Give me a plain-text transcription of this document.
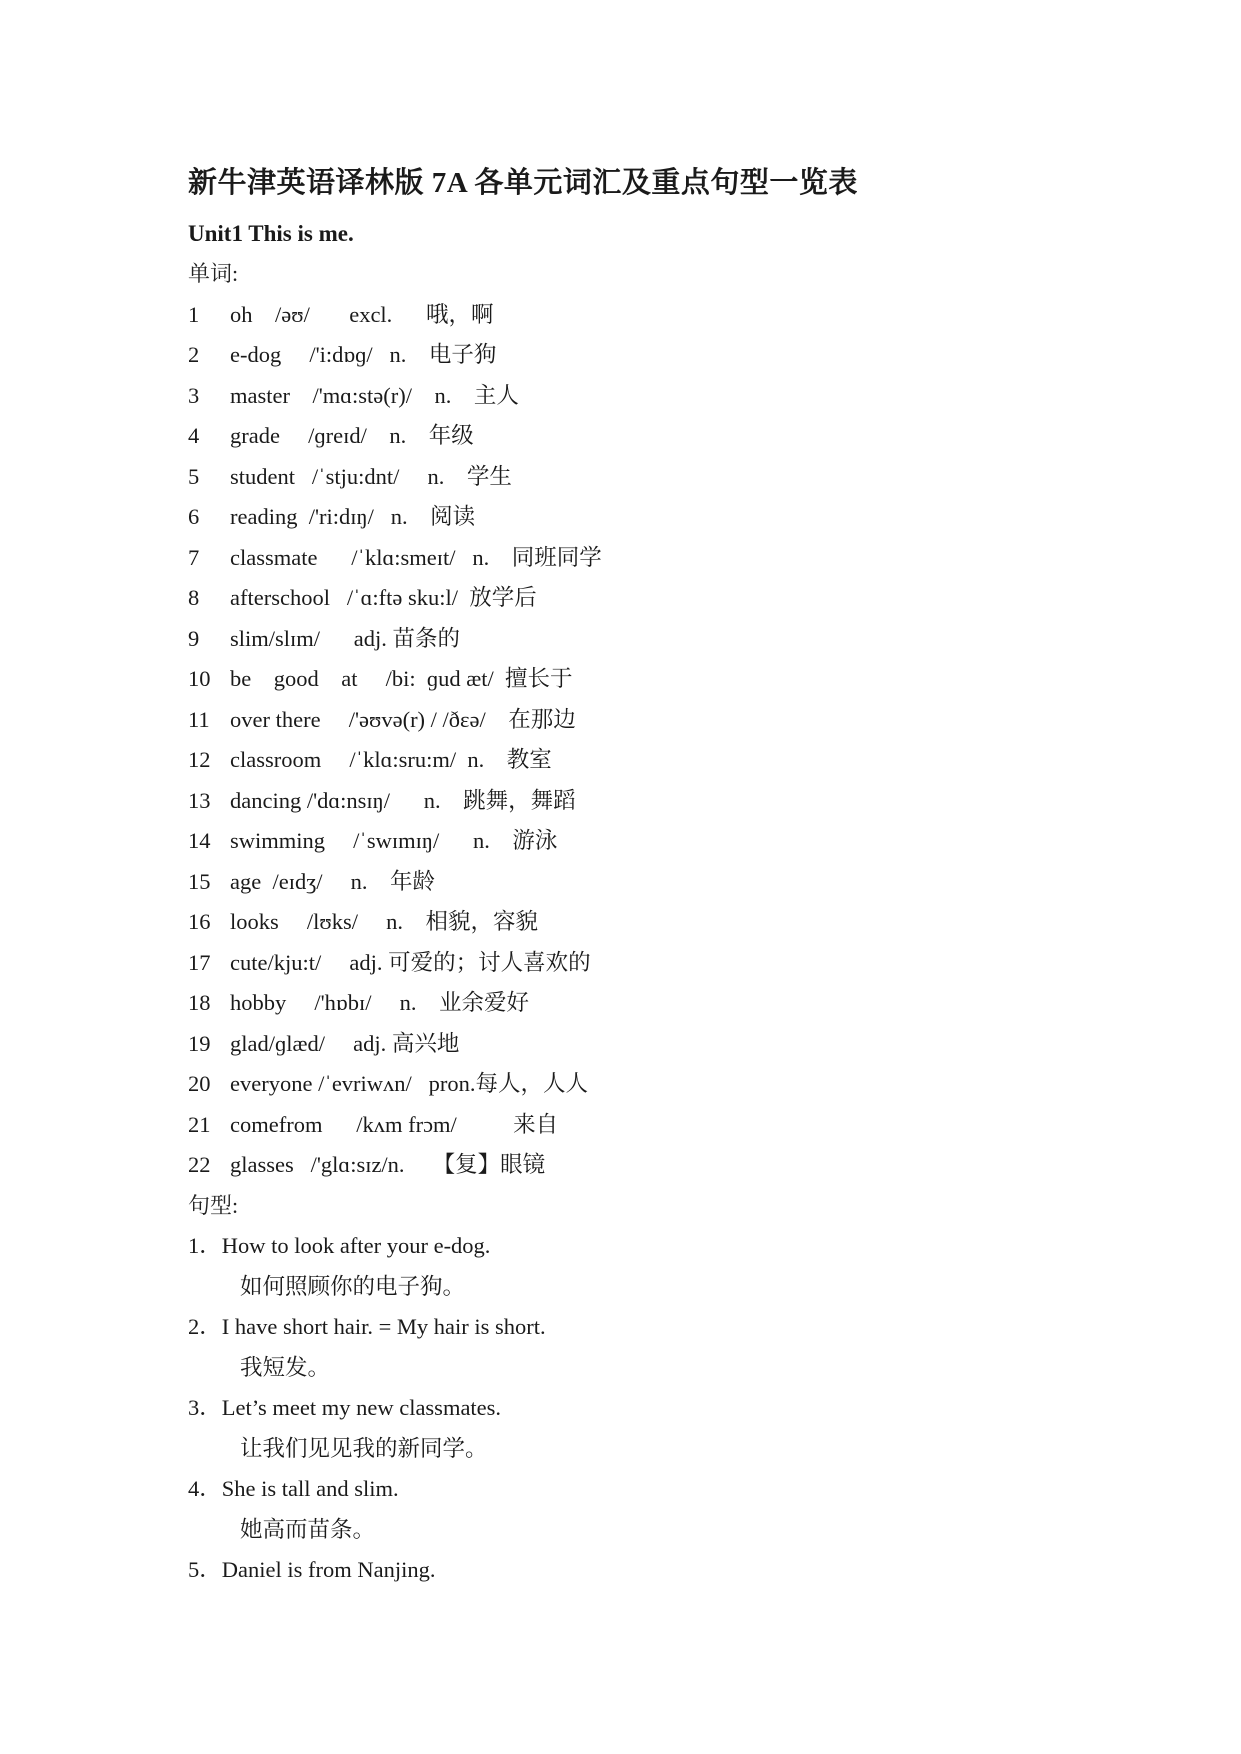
新牛津英语译林版 7A 各单元词汇及重点句型一览表
Unit1 This is me.
单词:
1 oh    /əʊ/       excl.      哦，啊
2 e-dog     /'i:dɒɡ/   n.    电子狗
3 master    /'mɑ:stə(r)/    n.    主人
4 grade     /ɡreɪd/    n.    年级
5 student   /ˈstju:dnt/     n.    学生
6 reading  /'ri:dɪŋ/   n.    阅读
7 classmate      /ˈklɑ:smeɪt/   n.    同班同学
8 afterschool   /ˈɑ:ftə sku:l/  放学后
9 slim/slɪm/      adj. 苗条的
10 be    good    at     /bi:  ɡud æt/  擅长于
11 over there     /'əʊvə(r) / /ðεə/    在那边
12 classroom     /ˈklɑ:sru:m/  n.    教室
13 dancing /'dɑ:nsɪŋ/      n.    跳舞，舞蹈
14 swimming     /ˈswɪmɪŋ/      n.    游泳
15 age  /eɪdʒ/     n.    年龄
16 looks     /lʊks/     n.    相貌，容貌
17 cute/kju:t/     adj. 可爱的；讨人喜欢的
18 hobby     /'hɒbɪ/     n.    业余爱好
19 glad/ɡlæd/     adj. 高兴地
20 everyone /ˈevriwʌn/   pron.每人，人人
21 comefrom      /kʌm frɔm/          来自
22 glasses   /'glɑ:sɪz/n.     【复】眼镜
句型:
1．How to look after your e-dog.
如何照顾你的电子狗。
2．I have short hair. = My hair is short.
我短发。
3．Let’s meet my new classmates.
让我们见见我的新同学。
4．She is tall and slim.
她高而苗条。
5．Daniel is from Nanjing.
